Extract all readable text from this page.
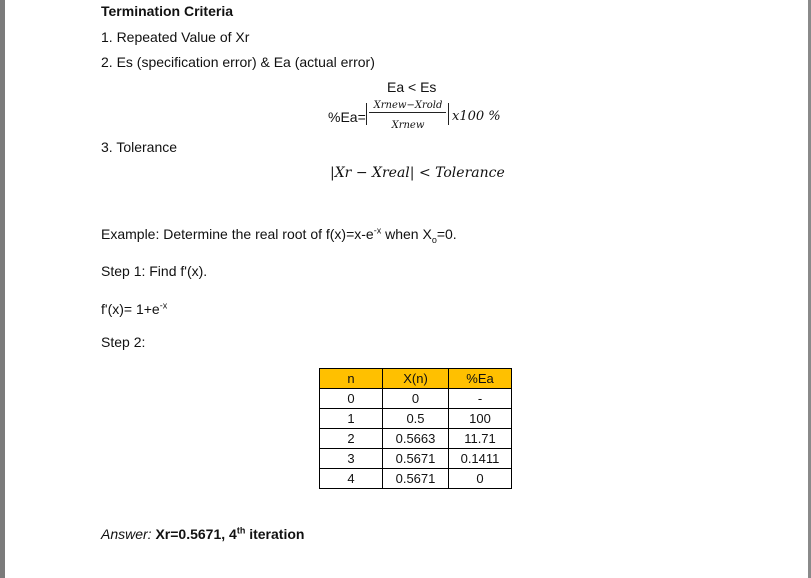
Termination Criteria
1. Repeated Value of Xr
2. Es (specification error) & Ea (actual error)
Ea < Es
%Ea=
Xrnew−Xrold
Xrnew
x100 %
3. Tolerance
|Xr − Xreal| < Tolerance
Example: Determine the real root of $f(x)=x-e^{-x}$ when $X_o=0$.
Step 1: Find f'(x).
$f'(x)= 1+e^{-x}$
Step 2:
n	X(n)	%Ea
0	0	-
1	0.5	100
2	0.5663	11.71
3	0.5671	0.1411
4	0.5671	0
Answer: Xr=0.5671, 4th iteration
